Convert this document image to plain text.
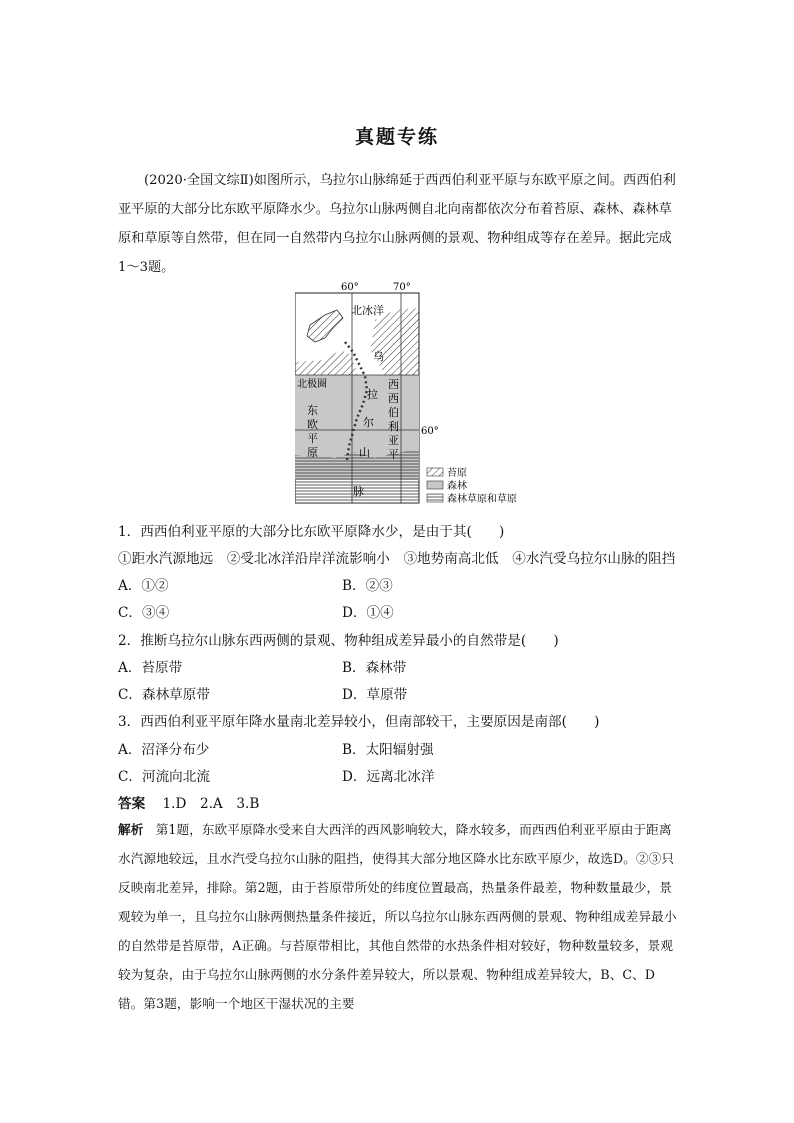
真题专练
(2020·全国文综Ⅱ)如图所示，乌拉尔山脉绵延于西西伯利亚平原与东欧平原之间。西西伯利亚平原的大部分比东欧平原降水少。乌拉尔山脉两侧自北向南都依次分布着苔原、森林、森林草原和草原等自然带，但在同一自然带内乌拉尔山脉两侧的景观、物种组成等存在差异。据此完成1～3题。
60°	70°
60°
北冰洋
北极圈
东
欧
平
原
西
西
伯
利
亚
平
乌
拉
尔
山
脉
苔原
森林
森林草原和草原
1．西西伯利亚平原的大部分比东欧平原降水少，是由于其(　　)
①距水汽源地远　②受北冰洋沿岸洋流影响小　③地势南高北低　④水汽受乌拉尔山脉的阻挡
A．①②	B．②③
C．③④	D．①④
2．推断乌拉尔山脉东西两侧的景观、物种组成差异最小的自然带是(　　)
A．苔原带	B．森林带
C．森林草原带	D．草原带
3．西西伯利亚平原年降水量南北差异较小，但南部较干，主要原因是南部(　　)
A．沼泽分布少	B．太阳辐射强
C．河流向北流	D．远离北冰洋
答案 1.D　2.A　3.B
解析 第1题，东欧平原降水受来自大西洋的西风影响较大，降水较多，而西西伯利亚平原由于距离水汽源地较远，且水汽受乌拉尔山脉的阻挡，使得其大部分地区降水比东欧平原少，故选D。②③只反映南北差异，排除。第2题，由于苔原带所处的纬度位置最高，热量条件最差，物种数量最少，景观较为单一，且乌拉尔山脉两侧热量条件接近，所以乌拉尔山脉东西两侧的景观、物种组成差异最小的自然带是苔原带，A正确。与苔原带相比，其他自然带的水热条件相对较好，物种数量较多，景观较为复杂，由于乌拉尔山脉两侧的水分条件差异较大，所以景观、物种组成差异较大，B、C、D错。第3题，影响一个地区干湿状况的主要
